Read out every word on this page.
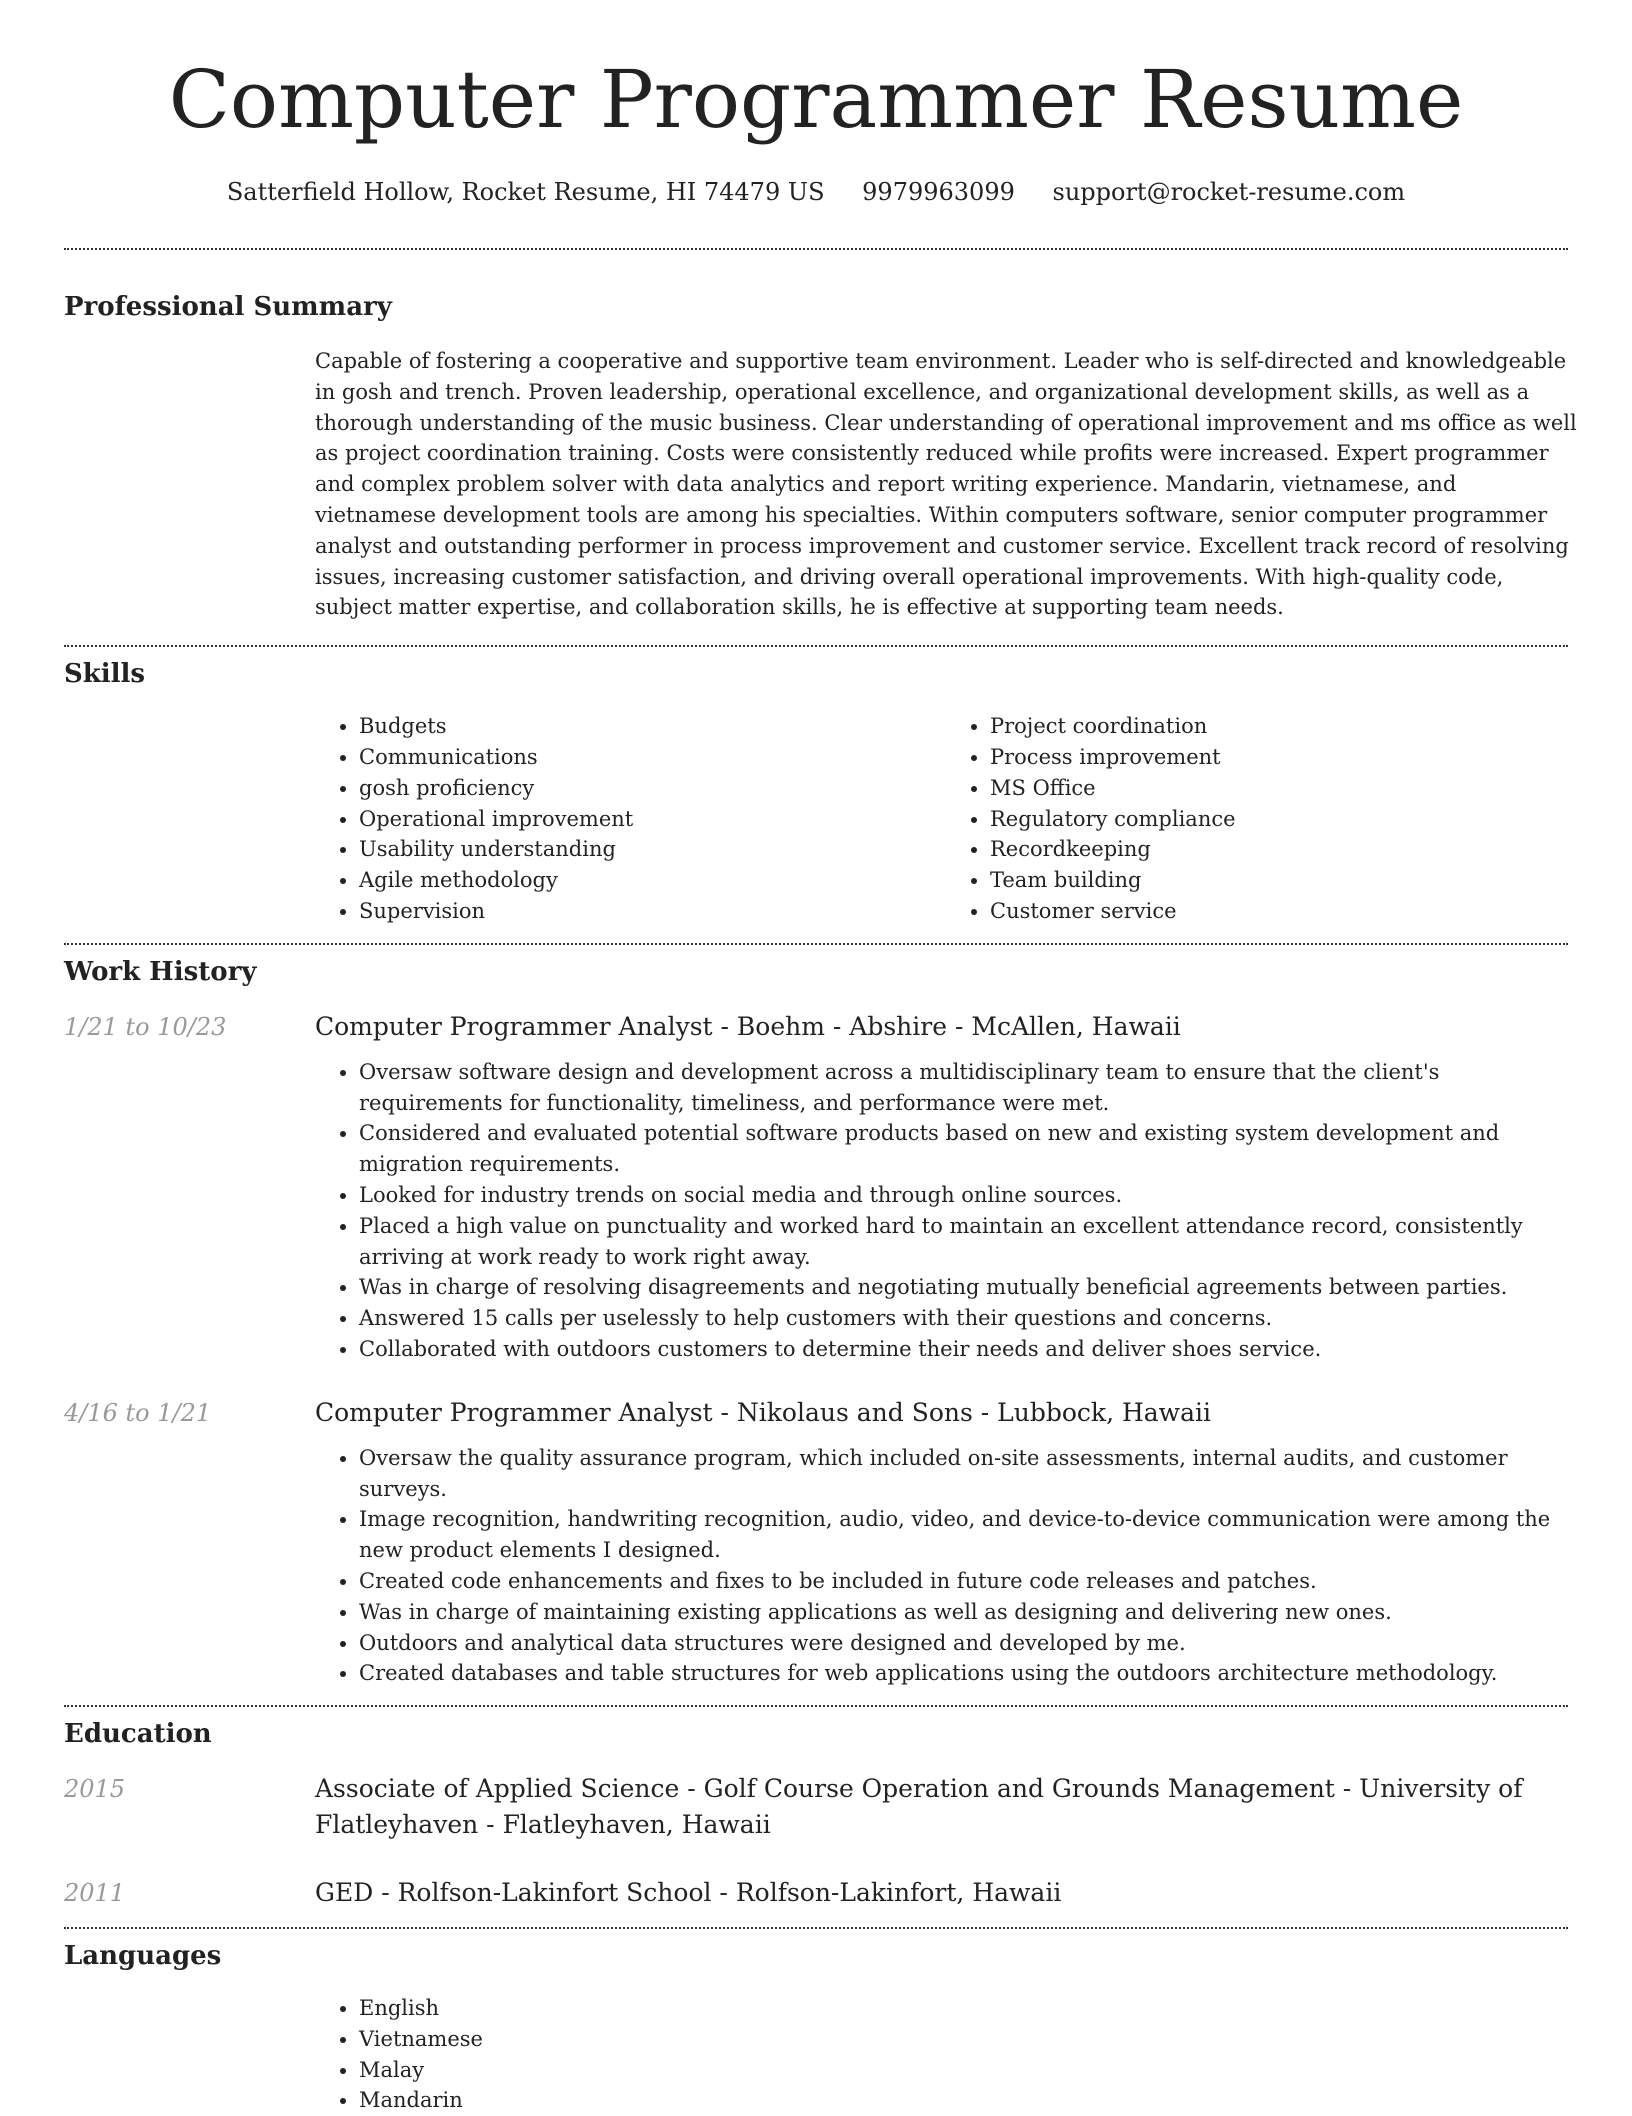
Computer Programmer Resume
Satterfield Hollow, Rocket Resume, HI 74479 US 9979963099 support@rocket-resume.com
Professional Summary

Capable of fostering a cooperative and supportive team environment. Leader who is self-directed and knowledgeable in gosh and trench. Proven leadership, operational excellence, and organizational development skills, as well as a thorough understanding of the music business. Clear understanding of operational improvement and ms office as well as project coordination training. Costs were consistently reduced while profits were increased. Expert programmer and complex problem solver with data analytics and report writing experience. Mandarin, vietnamese, and vietnamese development tools are among his specialties. Within computers software, senior computer programmer analyst and outstanding performer in process improvement and customer service. Excellent track record of resolving issues, increasing customer satisfaction, and driving overall operational improvements. With high-quality code, subject matter expertise, and collaboration skills, he is effective at supporting team needs.

Skills
• Budgets
• Communications
• gosh proficiency
• Operational improvement
• Usability understanding
• Agile methodology
• Supervision
• Project coordination
• Process improvement
• MS Office
• Regulatory compliance
• Recordkeeping
• Team building
• Customer service
Work History
1/21 to 10/23	Computer Programmer Analyst - Boehm - Abshire - McAllen, Hawaii
• Oversaw software design and development across a multidisciplinary team to ensure that the client's requirements for functionality, timeliness, and performance were met.
• Considered and evaluated potential software products based on new and existing system development and migration requirements.
• Looked for industry trends on social media and through online sources.
• Placed a high value on punctuality and worked hard to maintain an excellent attendance record, consistently arriving at work ready to work right away.
• Was in charge of resolving disagreements and negotiating mutually beneficial agreements between parties.
• Answered 15 calls per uselessly to help customers with their questions and concerns.
• Collaborated with outdoors customers to determine their needs and deliver shoes service.
4/16 to 1/21	Computer Programmer Analyst - Nikolaus and Sons - Lubbock, Hawaii
• Oversaw the quality assurance program, which included on-site assessments, internal audits, and customer surveys.
• Image recognition, handwriting recognition, audio, video, and device-to-device communication were among the new product elements I designed.
• Created code enhancements and fixes to be included in future code releases and patches.
• Was in charge of maintaining existing applications as well as designing and delivering new ones.
• Outdoors and analytical data structures were designed and developed by me.
• Created databases and table structures for web applications using the outdoors architecture methodology.
Education
2015	Associate of Applied Science - Golf Course Operation and Grounds Management - University of Flatleyhaven - Flatleyhaven, Hawaii
2011	GED - Rolfson-Lakinfort School - Rolfson-Lakinfort, Hawaii
Languages
• English
• Vietnamese
• Malay
• Mandarin
